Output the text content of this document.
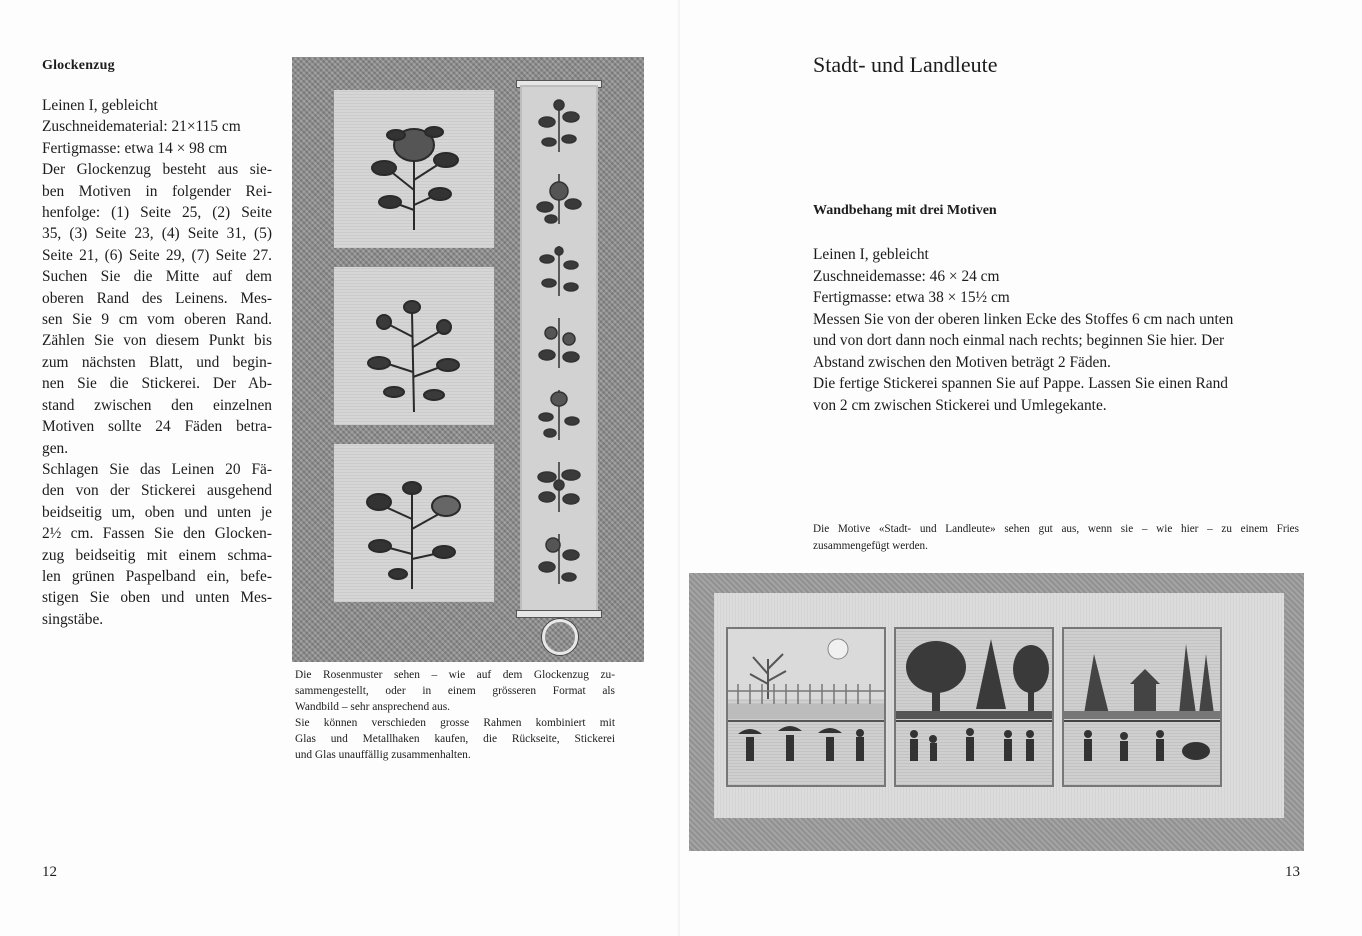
Glockenzug
Leinen I, gebleicht
Zuschneidematerial: 21×115 cm
Fertigmasse: etwa 14 × 98 cm
Der Glockenzug besteht aus sie-
ben Motiven in folgender Rei-
henfolge: (1) Seite 25, (2) Seite
35, (3) Seite 23, (4) Seite 31, (5)
Seite 21, (6) Seite 29, (7) Seite 27.
Suchen Sie die Mitte auf dem
oberen Rand des Leinens. Mes-
sen Sie 9 cm vom oberen Rand.
Zählen Sie von diesem Punkt bis
zum nächsten Blatt, und begin-
nen Sie die Stickerei. Der Ab-
stand zwischen den einzelnen
Motiven sollte 24 Fäden betra-
gen.
Schlagen Sie das Leinen 20 Fä-
den von der Stickerei ausgehend
beidseitig um, oben und unten je
2½ cm. Fassen Sie den Glocken-
zug beidseitig mit einem schma-
len grünen Paspelband ein, befe-
stigen Sie oben und unten Mes-
singstäbe.
Die Rosenmuster sehen – wie auf dem Glockenzug zu-
sammengestellt, oder in einem grösseren Format als
Wandbild – sehr ansprechend aus.
Sie können verschieden grosse Rahmen kombiniert mit
Glas und Metallhaken kaufen, die Rückseite, Stickerei
und Glas unauffällig zusammenhalten.
12
Stadt- und Landleute
Wandbehang mit drei Motiven
Leinen I, gebleicht
Zuschneidemasse: 46 × 24 cm
Fertigmasse: etwa 38 × 15½ cm
Messen Sie von der oberen linken Ecke des Stoffes 6 cm nach unten
und von dort dann noch einmal nach rechts; beginnen Sie hier. Der
Abstand zwischen den Motiven beträgt 2 Fäden.
Die fertige Stickerei spannen Sie auf Pappe. Lassen Sie einen Rand
von 2 cm zwischen Stickerei und Umlegekante.
Die Motive «Stadt- und Landleute» sehen gut aus, wenn sie – wie hier – zu einem Fries
zusammengefügt werden.
13
